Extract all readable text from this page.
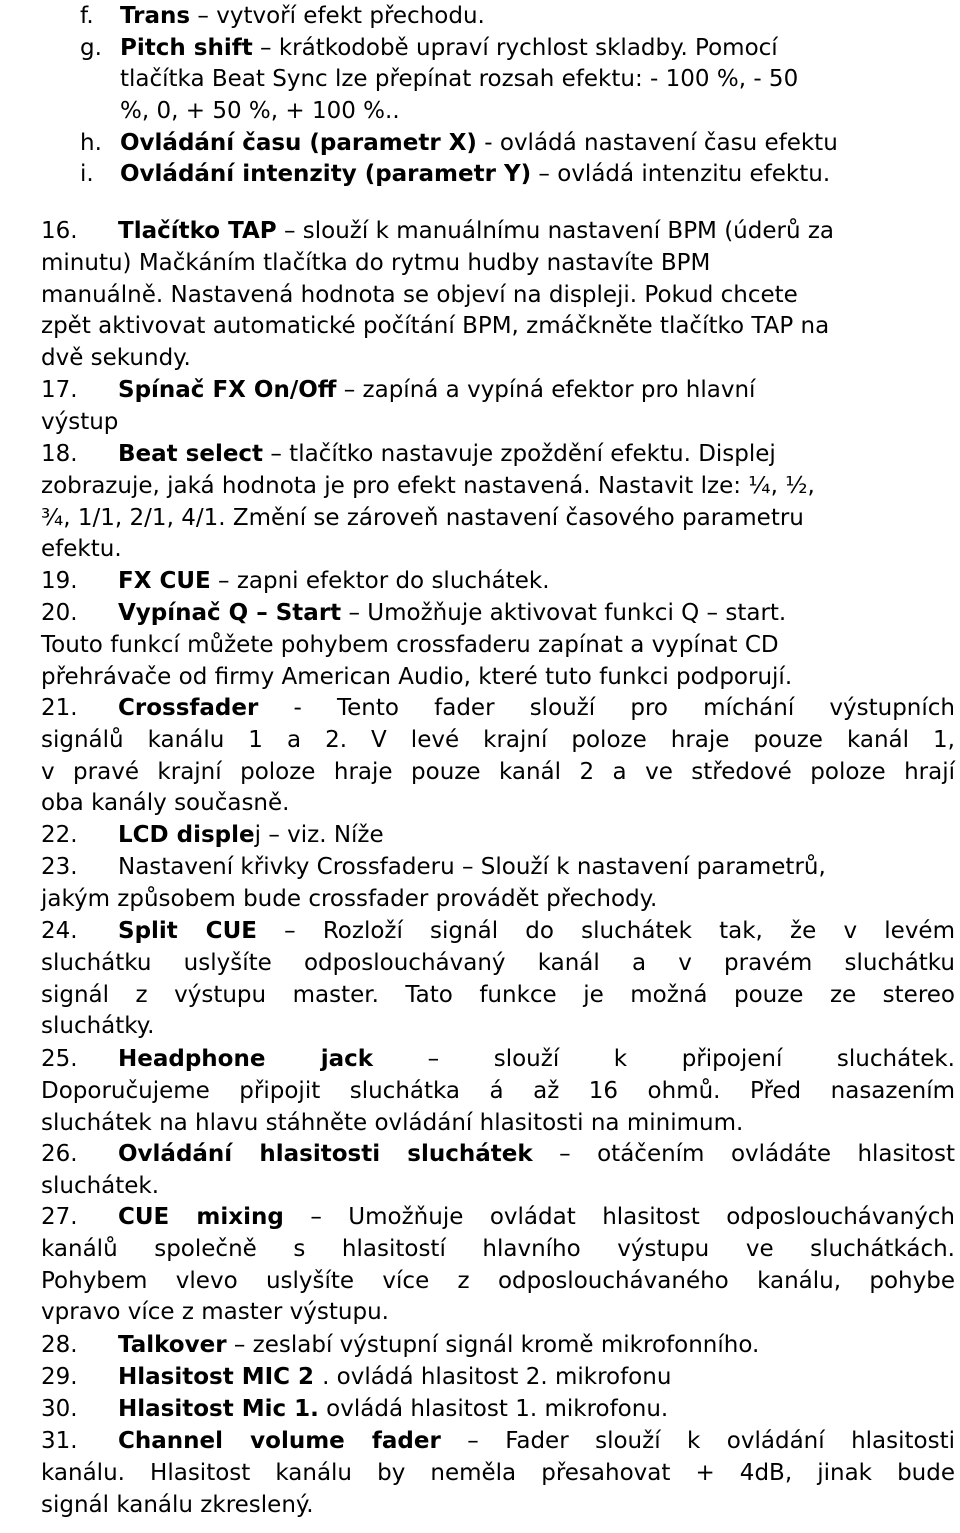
f. Trans – vytvoří efekt přechodu.
g. Pitch shift – krátkodobě upraví rychlost skladby. Pomocí
tlačítka Beat Sync lze přepínat rozsah efektu: - 100 %, - 50
%, 0, + 50 %, + 100 %..
h. Ovládání času (parametr X) - ovládá nastavení času efektu
i. Ovládání intenzity (parametr Y) – ovládá intenzitu efektu.
16.	Tlačítko TAP – slouží k manuálnímu nastavení BPM (úderů za
minutu) Mačkáním tlačítka do rytmu hudby nastavíte BPM
manuálně. Nastavená hodnota se objeví na displeji. Pokud chcete
zpět aktivovat automatické počítání BPM, zmáčkněte tlačítko TAP na
dvě sekundy.
17.	Spínač FX On/Off – zapíná a vypíná efektor pro hlavní
výstup
18.	Beat select – tlačítko nastavuje zpoždění efektu. Displej
zobrazuje, jaká hodnota je pro efekt nastavená. Nastavit lze: ¼, ½,
¾, 1/1, 2/1, 4/1. Změní se zároveň nastavení časového parametru
efektu.
19.	FX CUE – zapni efektor do sluchátek.
20.	Vypínač Q – Start – Umožňuje aktivovat funkci Q – start.
Touto funkcí můžete pohybem crossfaderu zapínat a vypínat CD
přehrávače od firmy American Audio, které tuto funkci podporují.
21.	Crossfader - Tento fader slouží pro míchání výstupních
signálů kanálu 1 a 2. V levé krajní poloze hraje pouze kanál 1,
v pravé krajní poloze hraje pouze kanál 2 a ve středové poloze hrají
oba kanály současně.
22.	LCD displej – viz. Níže
23.	Nastavení křivky Crossfaderu – Slouží k nastavení parametrů,
jakým způsobem bude crossfader provádět přechody.
24.	Split CUE – Rozloží signál do sluchátek tak, že v levém
sluchátku uslyšíte odposlouchávaný kanál a v pravém sluchátku
signál z výstupu master. Tato funkce je možná pouze ze stereo
sluchátky.
25.	Headphone jack – slouží k připojení sluchátek.
Doporučujeme připojit sluchátka á až 16 ohmů. Před nasazením
sluchátek na hlavu stáhněte ovládání hlasitosti na minimum.
26.	Ovládání hlasitosti sluchátek – otáčením ovládáte hlasitost
sluchátek.
27.	CUE mixing – Umožňuje ovládat hlasitost odposlouchávaných
kanálů společně s hlasitostí hlavního výstupu ve sluchátkách.
Pohybem vlevo uslyšíte více z odposlouchávaného kanálu, pohybe
vpravo více z master výstupu.
28.	Talkover – zeslabí výstupní signál kromě mikrofonního.
29.	Hlasitost MIC 2 . ovládá hlasitost 2. mikrofonu
30.	Hlasitost Mic 1. ovládá hlasitost 1. mikrofonu.
31.	Channel volume fader – Fader slouží k ovládání hlasitosti
kanálu. Hlasitost kanálu by neměla přesahovat + 4dB, jinak bude
signál kanálu zkreslený.
